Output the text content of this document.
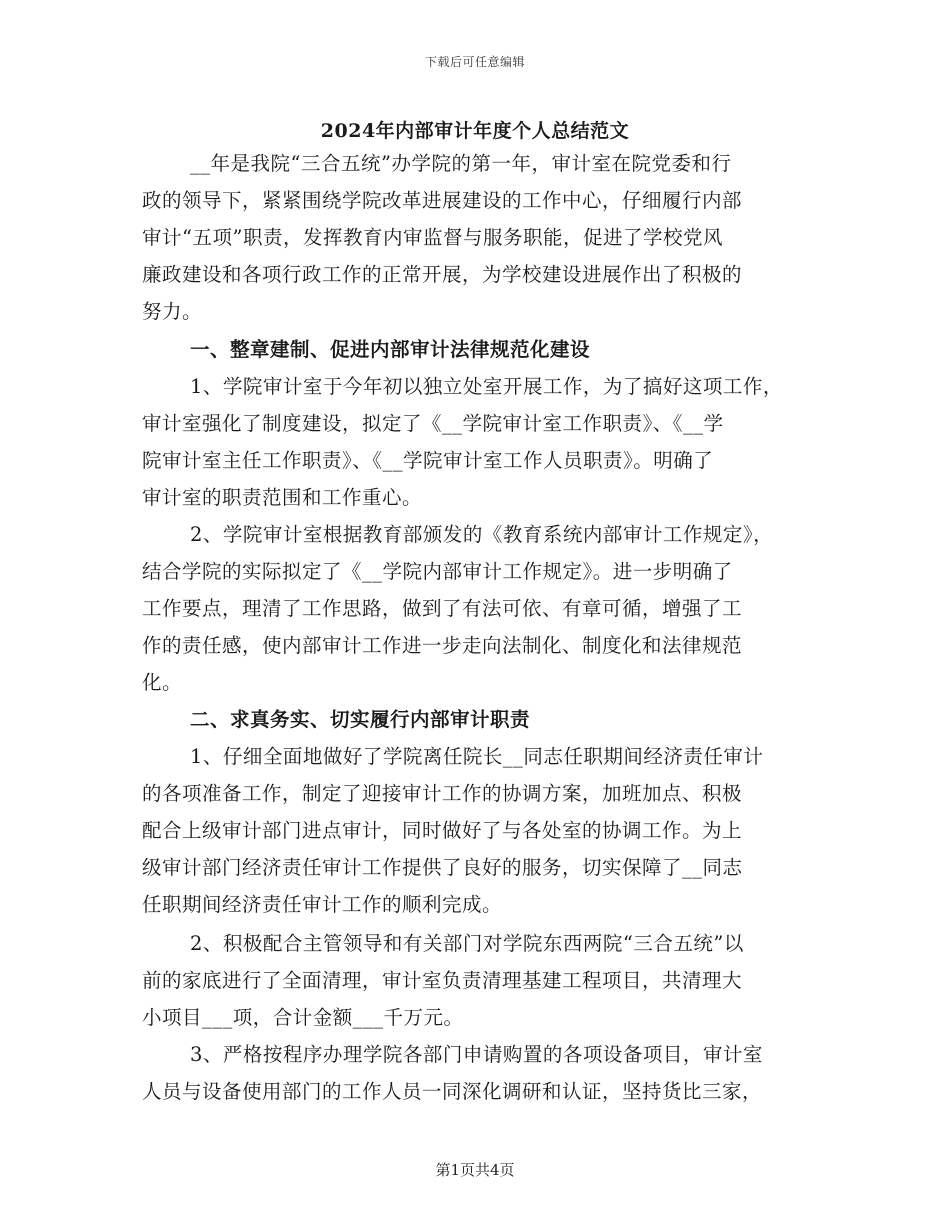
下载后可任意编辑
2024年内部审计年度个人总结范文
__年是我院“三合五统”办学院的第一年，审计室在院党委和行
政的领导下，紧紧围绕学院改革进展建设的工作中心，仔细履行内部
审计“五项”职责，发挥教育内审监督与服务职能，促进了学校党风
廉政建设和各项行政工作的正常开展，为学校建设进展作出了积极的
努力。
一、整章建制、促进内部审计法律规范化建设
1、学院审计室于今年初以独立处室开展工作，为了搞好这项工作，
审计室强化了制度建设，拟定了《__学院审计室工作职责》、《__学
院审计室主任工作职责》、《__学院审计室工作人员职责》。明确了
审计室的职责范围和工作重心。
2、学院审计室根据教育部颁发的《教育系统内部审计工作规定》，
结合学院的实际拟定了《__学院内部审计工作规定》。进一步明确了
工作要点，理清了工作思路，做到了有法可依、有章可循，增强了工
作的责任感，使内部审计工作进一步走向法制化、制度化和法律规范
化。
二、求真务实、切实履行内部审计职责
1、仔细全面地做好了学院离任院长__同志任职期间经济责任审计
的各项准备工作，制定了迎接审计工作的协调方案，加班加点、积极
配合上级审计部门进点审计，同时做好了与各处室的协调工作。为上
级审计部门经济责任审计工作提供了良好的服务，切实保障了__同志
任职期间经济责任审计工作的顺利完成。
2、积极配合主管领导和有关部门对学院东西两院“三合五统”以
前的家底进行了全面清理，审计室负责清理基建工程项目，共清理大
小项目___项，合计金额___千万元。
3、严格按程序办理学院各部门申请购置的各项设备项目，审计室
人员与设备使用部门的工作人员一同深化调研和认证，坚持货比三家，
第1页共4页
